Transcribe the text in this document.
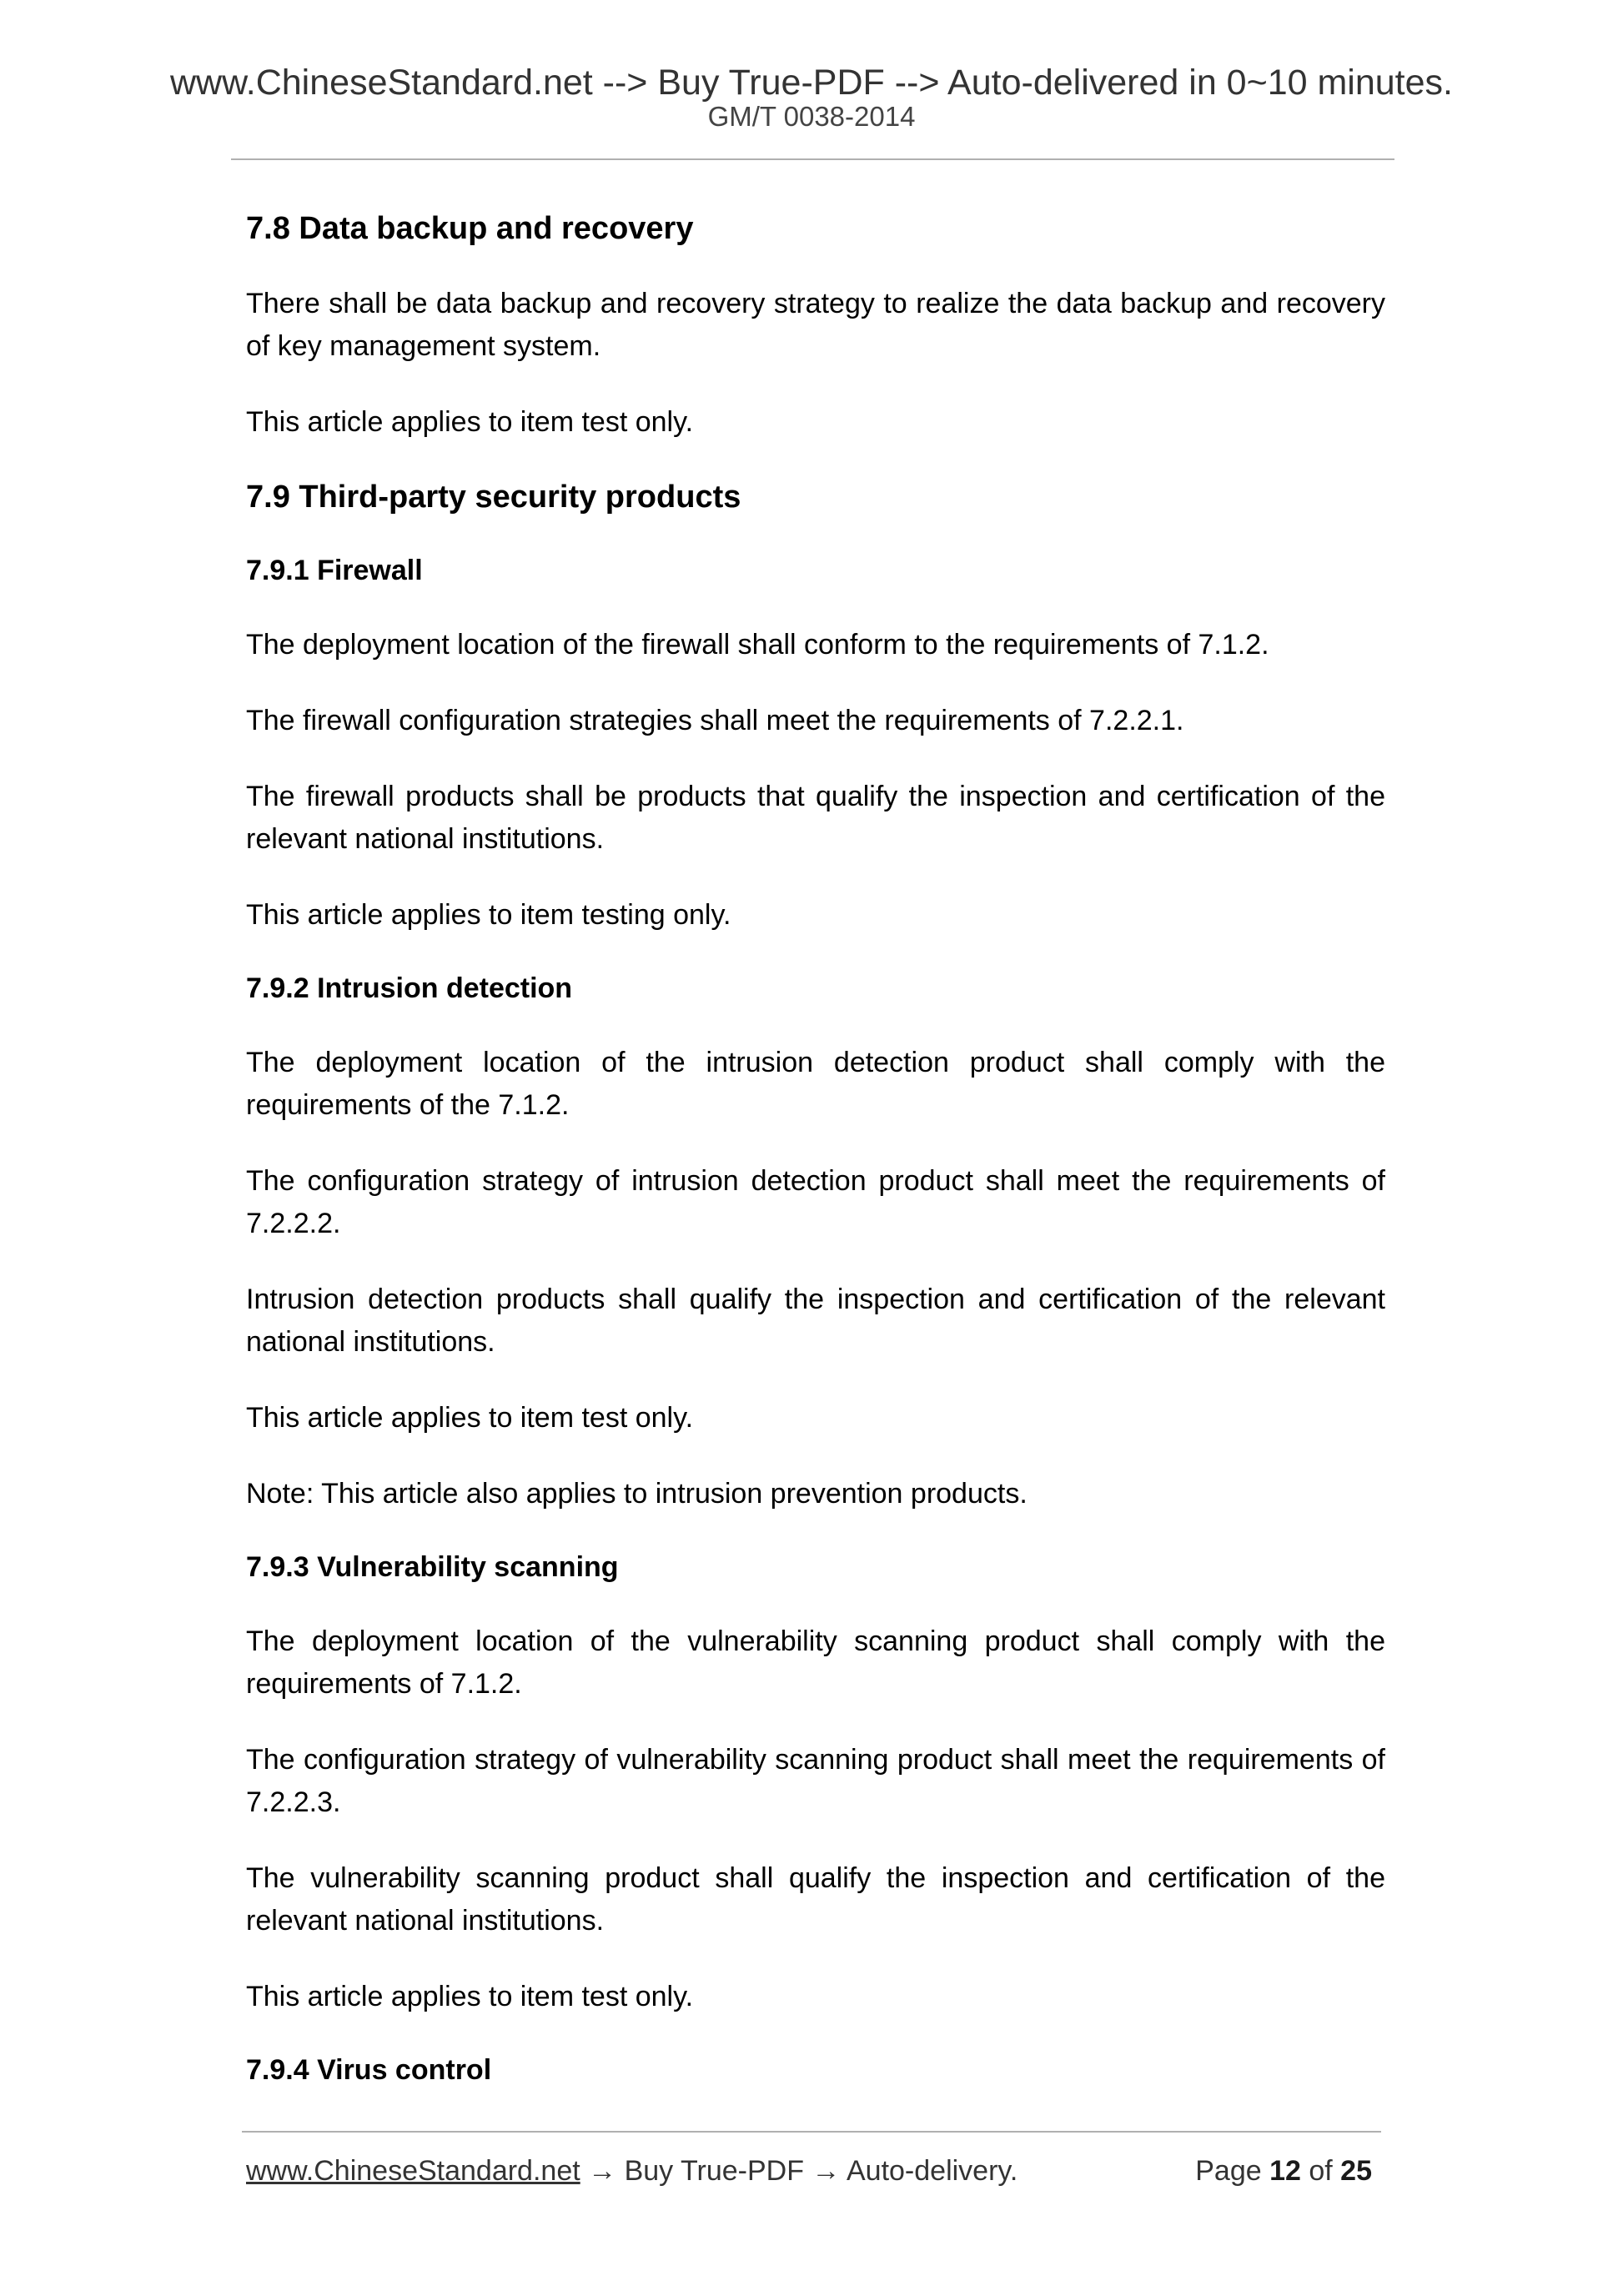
www.ChineseStandard.net --> Buy True-PDF --> Auto-delivered in 0~10 minutes.
GM/T 0038-2014
7.8 Data backup and recovery
There shall be data backup and recovery strategy to realize the data backup and recovery of key management system.
This article applies to item test only.
7.9 Third-party security products
7.9.1 Firewall
The deployment location of the firewall shall conform to the requirements of 7.1.2.
The firewall configuration strategies shall meet the requirements of 7.2.2.1.
The firewall products shall be products that qualify the inspection and certification of the relevant national institutions.
This article applies to item testing only.
7.9.2 Intrusion detection
The deployment location of the intrusion detection product shall comply with the requirements of the 7.1.2.
The configuration strategy of intrusion detection product shall meet the requirements of 7.2.2.2.
Intrusion detection products shall qualify the inspection and certification of the relevant national institutions.
This article applies to item test only.
Note: This article also applies to intrusion prevention products.
7.9.3 Vulnerability scanning
The deployment location of the vulnerability scanning product shall comply with the requirements of 7.1.2.
The configuration strategy of vulnerability scanning product shall meet the requirements of 7.2.2.3.
The vulnerability scanning product shall qualify the inspection and certification of the relevant national institutions.
This article applies to item test only.
7.9.4 Virus control
www.ChineseStandard.net → Buy True-PDF → Auto-delivery.	Page 12 of 25
